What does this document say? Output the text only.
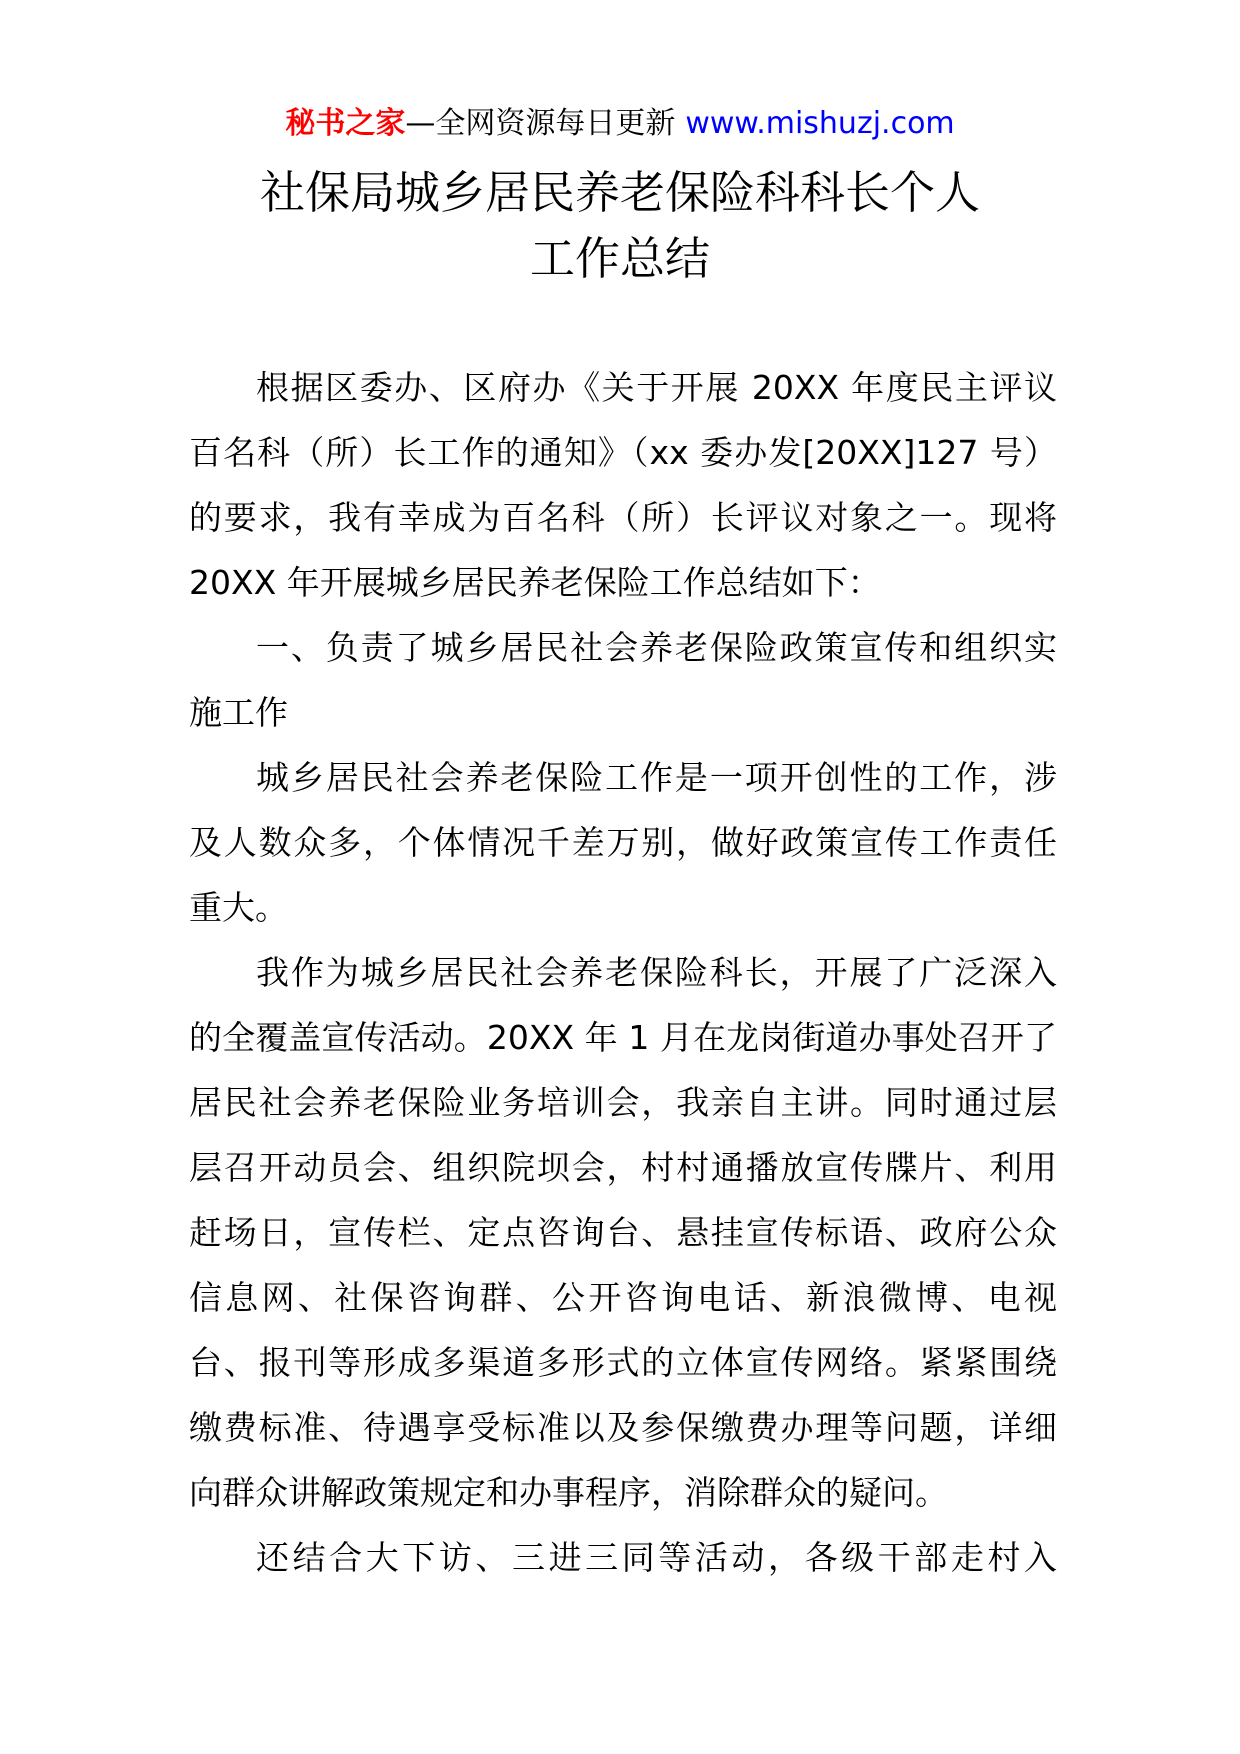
秘书之家—全网资源每日更新 www.mishuzj.com
社保局城乡居民养老保险科科长个人
工作总结
根据区委办、区府办《关于开展 20XX 年度民主评议
百名科（所）长工作的通知》（xx 委办发[20XX]127 号）
的要求，我有幸成为百名科（所）长评议对象之一。现将
20XX 年开展城乡居民养老保险工作总结如下：
一、负责了城乡居民社会养老保险政策宣传和组织实
施工作
城乡居民社会养老保险工作是一项开创性的工作，涉
及人数众多，个体情况千差万别，做好政策宣传工作责任
重大。
我作为城乡居民社会养老保险科长，开展了广泛深入
的全覆盖宣传活动。20XX 年 1 月在龙岗街道办事处召开了
居民社会养老保险业务培训会，我亲自主讲。同时通过层
层召开动员会、组织院坝会，村村通播放宣传牒片、利用
赶场日，宣传栏、定点咨询台、悬挂宣传标语、政府公众
信息网、社保咨询群、公开咨询电话、新浪微博、电视
台、报刊等形成多渠道多形式的立体宣传网络。紧紧围绕
缴费标准、待遇享受标准以及参保缴费办理等问题，详细
向群众讲解政策规定和办事程序，消除群众的疑问。
还结合大下访、三进三同等活动，各级干部走村入
